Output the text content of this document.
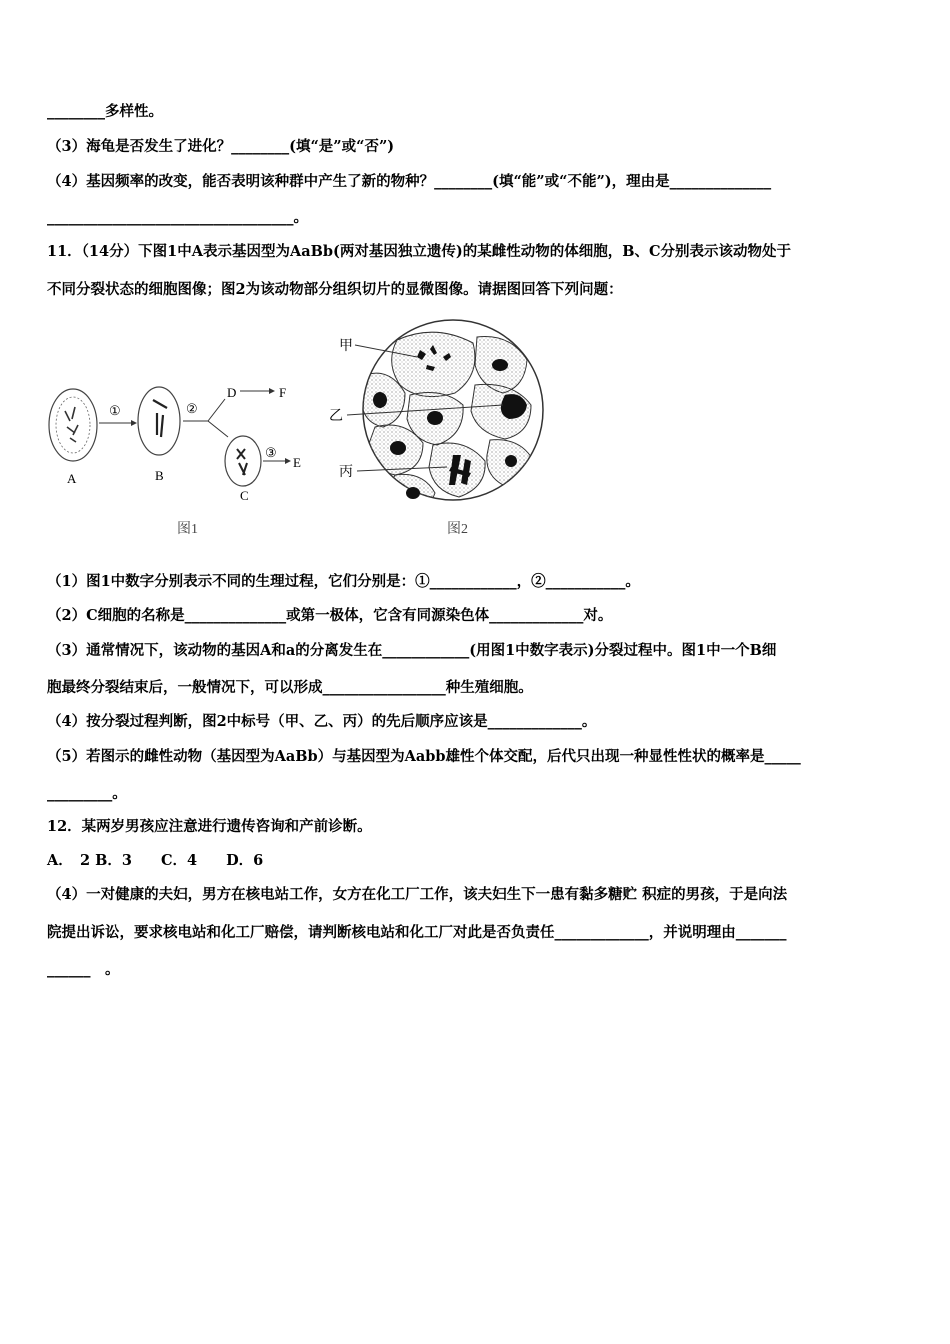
________多样性。
（3）海龟是否发生了进化？________(填“是”或“否”)
（4）基因频率的改变，能否表明该种群中产生了新的物种？________(填“能”或“不能”)，理由是______________
__________________________________。
11．（14分）下图1中A表示基因型为AaBb(两对基因独立遗传)的某雌性动物的体细胞，B、C分别表示该动物处于
不同分裂状态的细胞图像；图2为该动物部分组织切片的显微图像。请据图回答下列问题：
A
①
B
②
D	F
C
③
E
图1
甲
乙
丙
图2
（1）图1中数字分别表示不同的生理过程，它们分别是：①____________，②___________。
（2）C细胞的名称是______________或第一极体，它含有同源染色体_____________对。
（3）通常情况下，该动物的基因A和a的分离发生在____________(用图1中数字表示)分裂过程中。图1中一个B细
胞最终分裂结束后，一般情况下，可以形成_________________种生殖细胞。
（4）按分裂过程判断，图2中标号（甲、乙、丙）的先后顺序应该是_____________。
（5）若图示的雌性动物（基因型为AaBb）与基因型为Aabb雄性个体交配，后代只出现一种显性性状的概率是_____
_________。
12．某两岁男孩应注意进行遗传咨询和产前诊断。
A．　2 B．3　　C．4　　D．6
（4）一对健康的夫妇，男方在核电站工作，女方在化工厂工作，该夫妇生下一患有黏多糖贮 积症的男孩，于是向法
院提出诉讼，要求核电站和化工厂赔偿，请判断核电站和化工厂对此是否负责任_____________，并说明理由_______
______　。
